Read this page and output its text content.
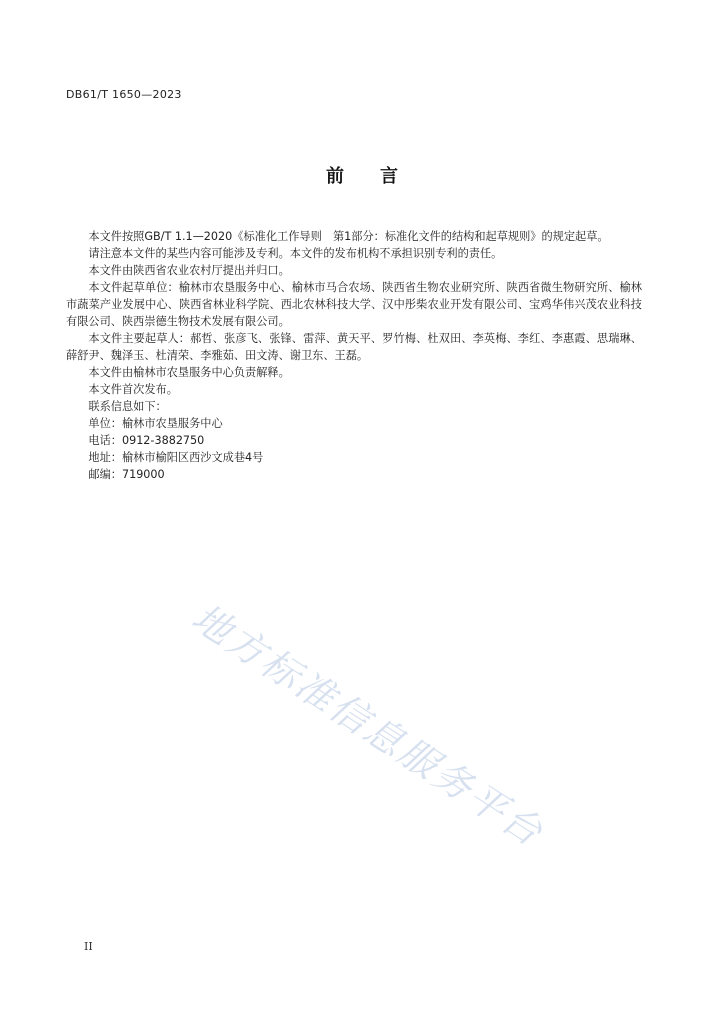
DB61/T 1650—2023
前　　言

本文件按照GB/T 1.1—2020《标准化工作导则　第1部分：标准化文件的结构和起草规则》的规定起草。

请注意本文件的某些内容可能涉及专利。本文件的发布机构不承担识别专利的责任。

本文件由陕西省农业农村厅提出并归口。

本文件起草单位：榆林市农垦服务中心、榆林市马合农场、陕西省生物农业研究所、陕西省微生物研究所、榆林市蔬菜产业发展中心、陕西省林业科学院、西北农林科技大学、汉中彤柴农业开发有限公司、宝鸡华伟兴茂农业科技有限公司、陕西崇德生物技术发展有限公司。

本文件主要起草人：郝哲、张彦飞、张锋、雷萍、黄天平、罗竹梅、杜双田、李英梅、李红、李惠霞、思瑞琳、薛舒尹、魏泽玉、杜清荣、李雅茹、田文涛、谢卫东、王磊。

本文件由榆林市农垦服务中心负责解释。

本文件首次发布。

联系信息如下：

单位：榆林市农垦服务中心

电话：0912-3882750

地址：榆林市榆阳区西沙文成巷4号

邮编：719000

地方标准信息服务平台
II
